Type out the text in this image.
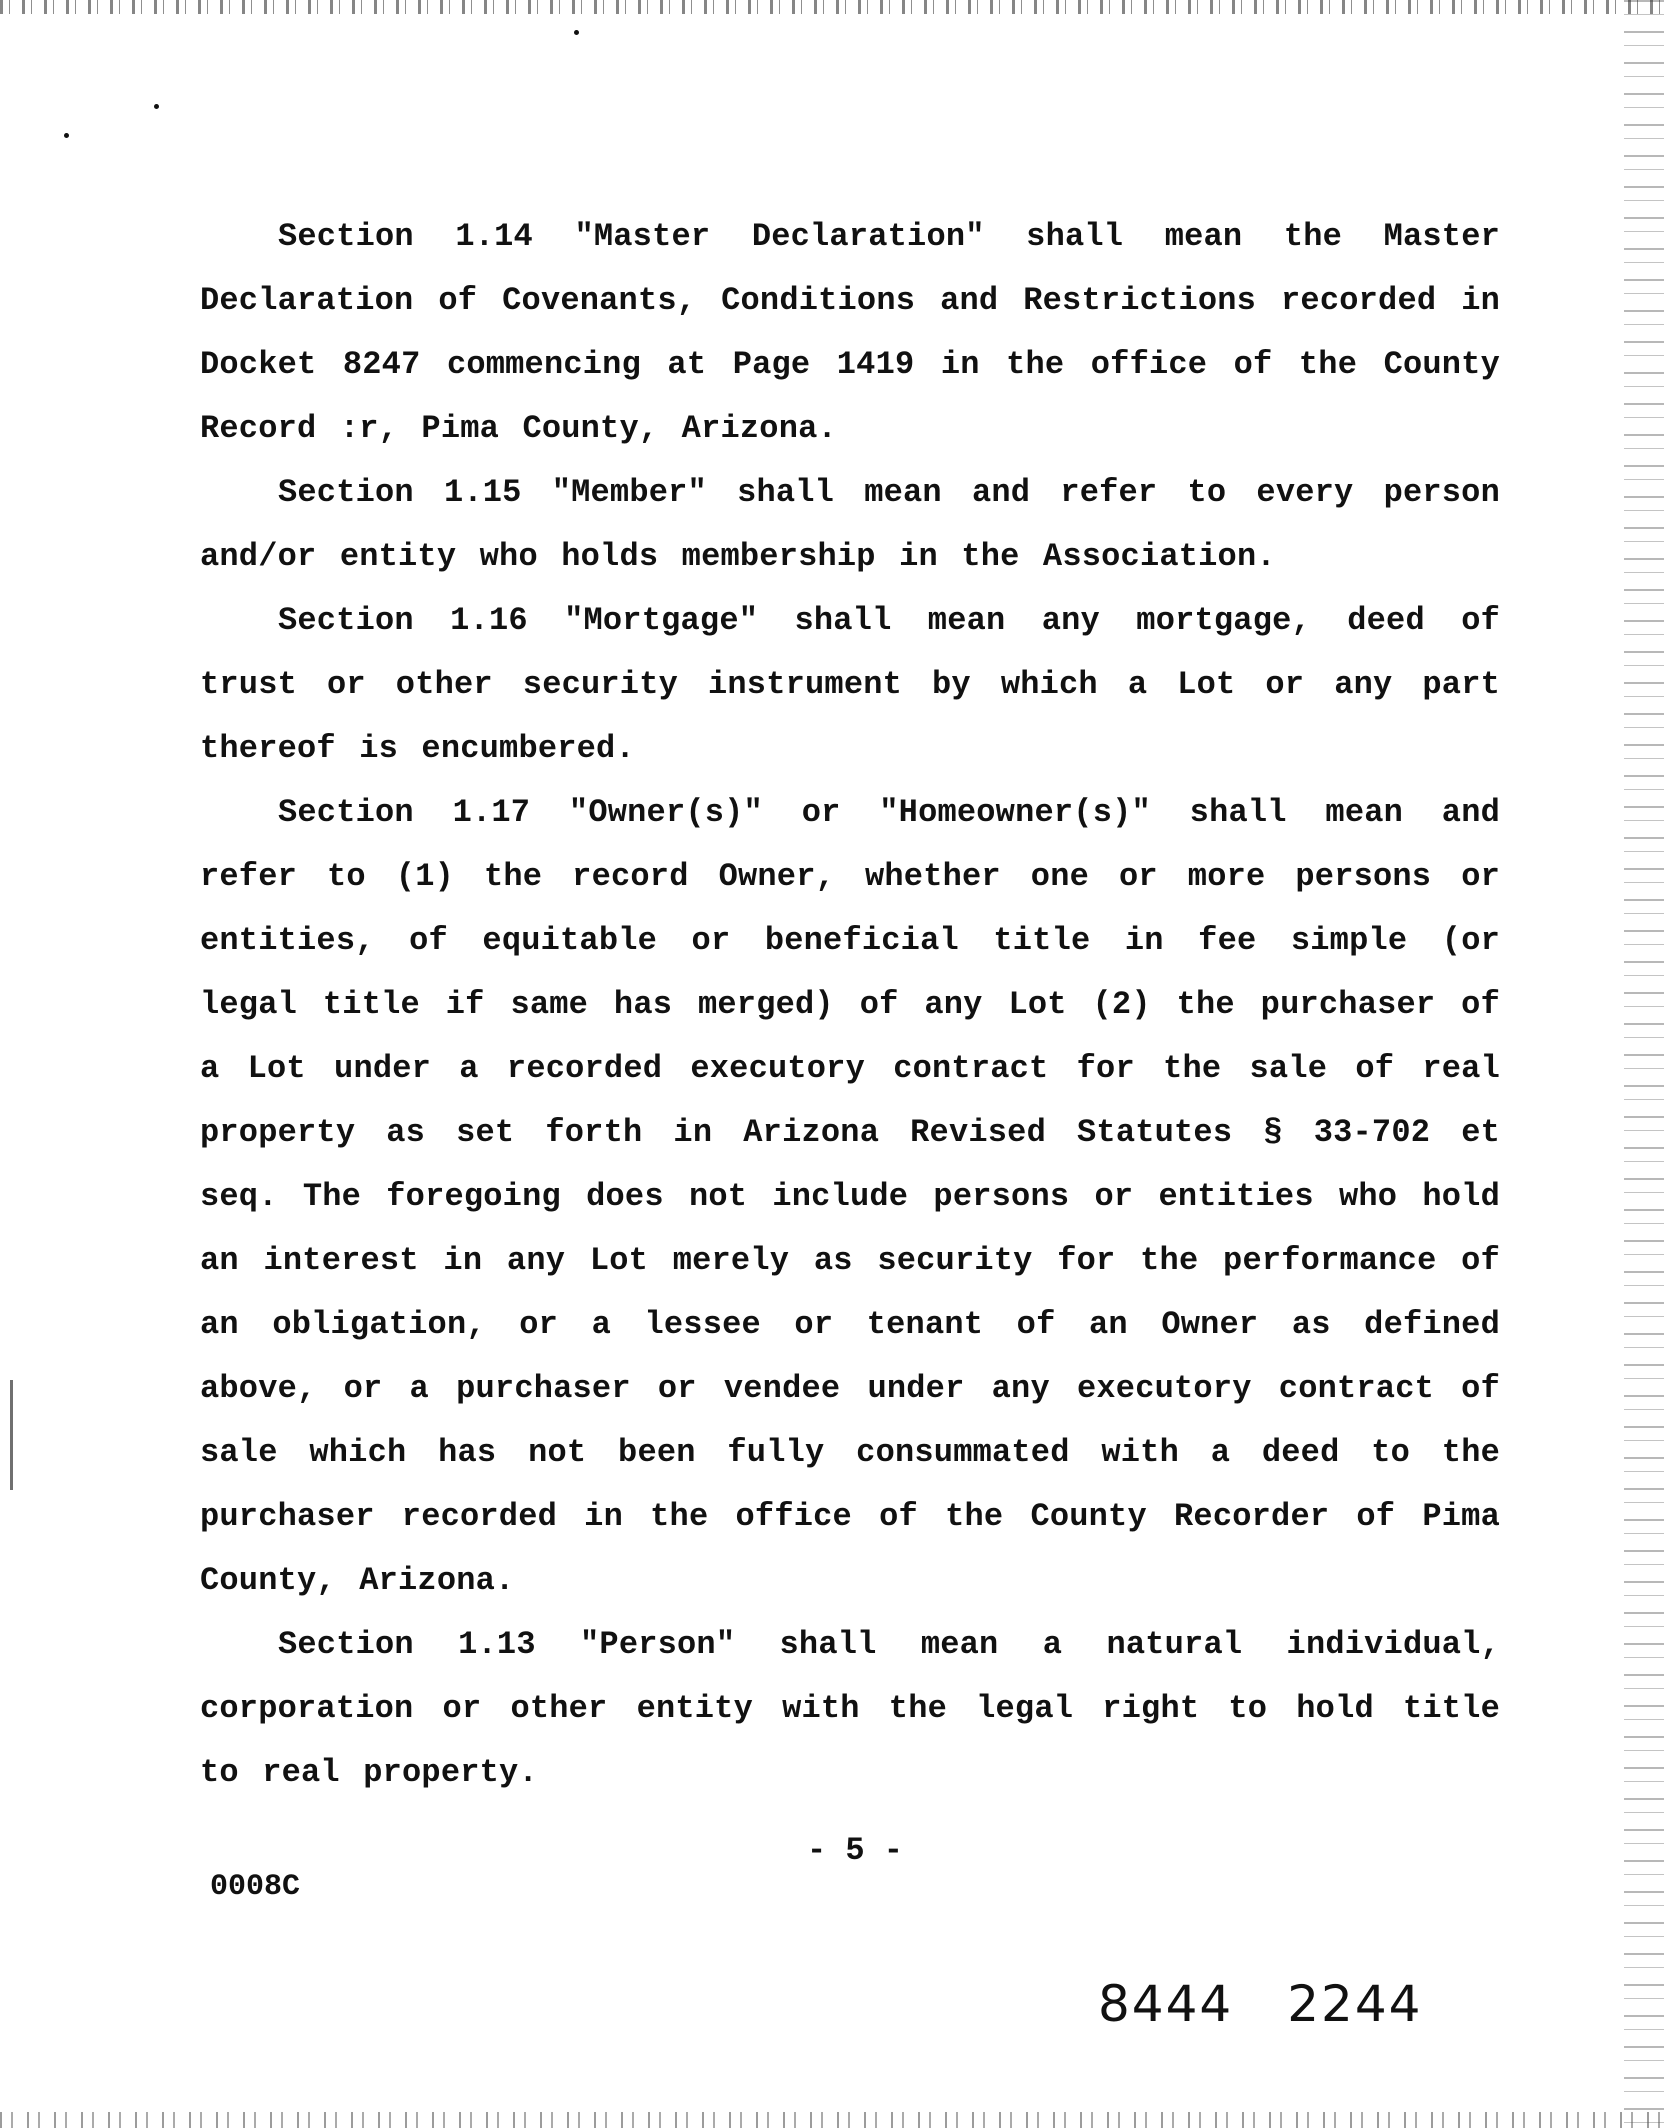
Section 1.14 "Master Declaration" shall mean the Master Declaration of Covenants, Conditions and Restrictions recorded in Docket 8247 commencing at Page 1419 in the office of the County Record :r, Pima County, Arizona.

Section 1.15 "Member" shall mean and refer to every person and/or entity who holds membership in the Association.

Section 1.16 "Mortgage" shall mean any mortgage, deed of trust or other security instrument by which a Lot or any part thereof is encumbered.

Section 1.17 "Owner(s)" or "Homeowner(s)" shall mean and refer to (1) the record Owner, whether one or more persons or entities, of equitable or beneficial title in fee simple (or legal title if same has merged) of any Lot (2) the purchaser of a Lot under a recorded executory contract for the sale of real property as set forth in Arizona Revised Statutes § 33-702 et seq. The foregoing does not include persons or entities who hold an interest in any Lot merely as security for the performance of an obligation, or a lessee or tenant of an Owner as defined above, or a purchaser or vendee under any executory contract of sale which has not been fully consummated with a deed to the purchaser recorded in the office of the County Recorder of Pima County, Arizona.

Section 1.13 "Person" shall mean a natural individual, corporation or other entity with the legal right to hold title to real property.

- 5 -
0008C
8444 2244
